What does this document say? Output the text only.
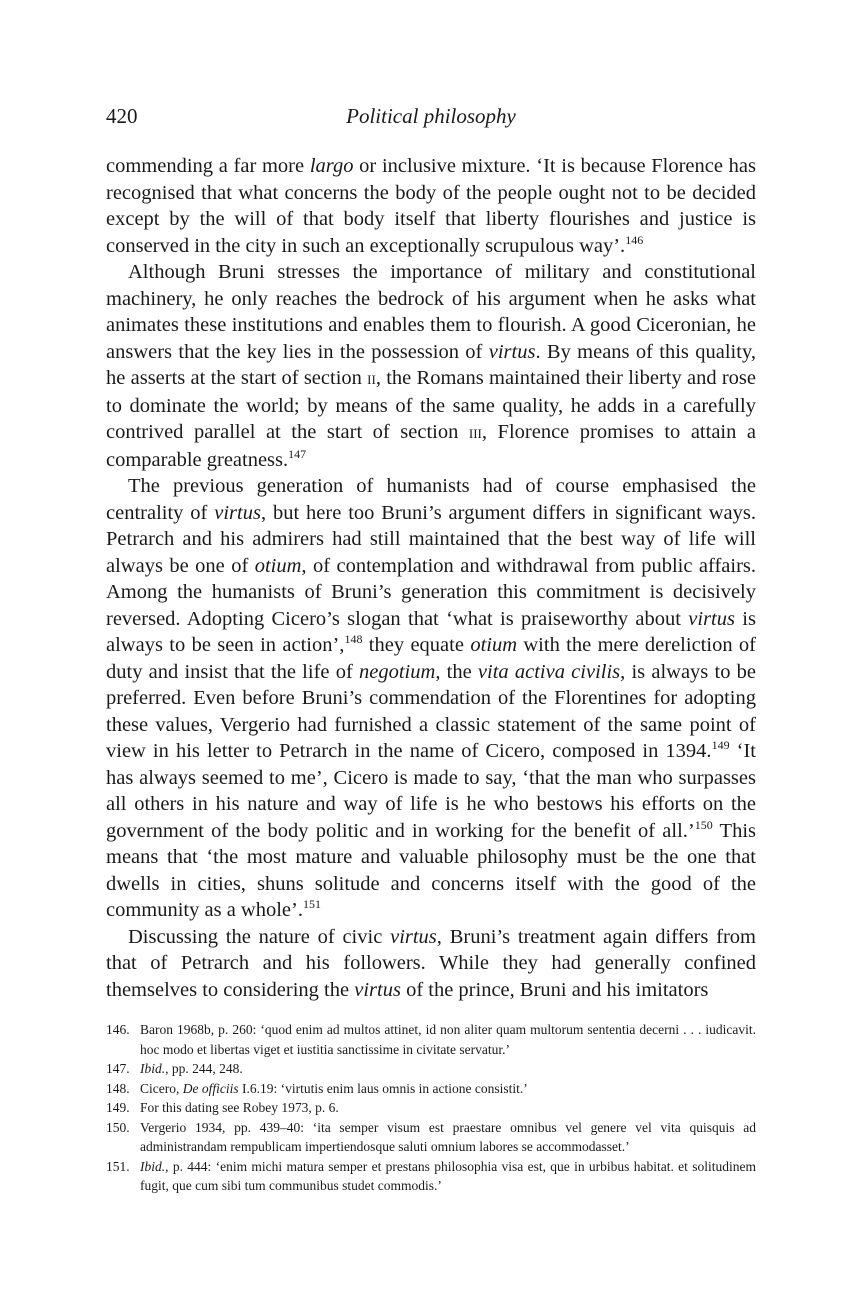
420	Political philosophy

commending a far more largo or inclusive mixture. ‘It is because Florence has recognised that what concerns the body of the people ought not to be decided except by the will of that body itself that liberty flourishes and justice is conserved in the city in such an exceptionally scrupulous way’.$^{146}$

Although Bruni stresses the importance of military and constitutional machinery, he only reaches the bedrock of his argument when he asks what animates these institutions and enables them to flourish. A good Ciceronian, he answers that the key lies in the possession of virtus. By means of this quality, he asserts at the start of section ii, the Romans maintained their liberty and rose to dominate the world; by means of the same quality, he adds in a carefully contrived parallel at the start of section iii, Florence promises to attain a comparable greatness.$^{147}$

The previous generation of humanists had of course emphasised the centrality of virtus, but here too Bruni’s argument differs in significant ways. Petrarch and his admirers had still maintained that the best way of life will always be one of otium, of contemplation and withdrawal from public affairs. Among the humanists of Bruni’s generation this commitment is decisively reversed. Adopting Cicero’s slogan that ‘what is praiseworthy about virtus is always to be seen in action’,$^{148}$ they equate otium with the mere dereliction of duty and insist that the life of negotium, the vita activa civilis, is always to be preferred. Even before Bruni’s commendation of the Florentines for adopting these values, Vergerio had furnished a classic statement of the same point of view in his letter to Petrarch in the name of Cicero, composed in 1394.$^{149}$ ‘It has always seemed to me’, Cicero is made to say, ‘that the man who surpasses all others in his nature and way of life is he who bestows his efforts on the government of the body politic and in working for the benefit of all.’$^{150}$ This means that ‘the most mature and valuable philosophy must be the one that dwells in cities, shuns solitude and concerns itself with the good of the community as a whole’.$^{151}$

Discussing the nature of civic virtus, Bruni’s treatment again differs from that of Petrarch and his followers. While they had generally confined themselves to considering the virtus of the prince, Bruni and his imitators

146. Baron 1968b, p. 260: ‘quod enim ad multos attinet, id non aliter quam multorum sententia decerni . . . iudicavit. hoc modo et libertas viget et iustitia sanctissime in civitate servatur.’
147. Ibid., pp. 244, 248.
148. Cicero, De officiis I.6.19: ‘virtutis enim laus omnis in actione consistit.’
149. For this dating see Robey 1973, p. 6.
150. Vergerio 1934, pp. 439–40: ‘ita semper visum est praestare omnibus vel genere vel vita quisquis ad administrandam rempublicam impertiendosque saluti omnium labores se accommodasset.’
151. Ibid., p. 444: ‘enim michi matura semper et prestans philosophia visa est, que in urbibus habitat. et solitudinem fugit, que cum sibi tum communibus studet commodis.’
